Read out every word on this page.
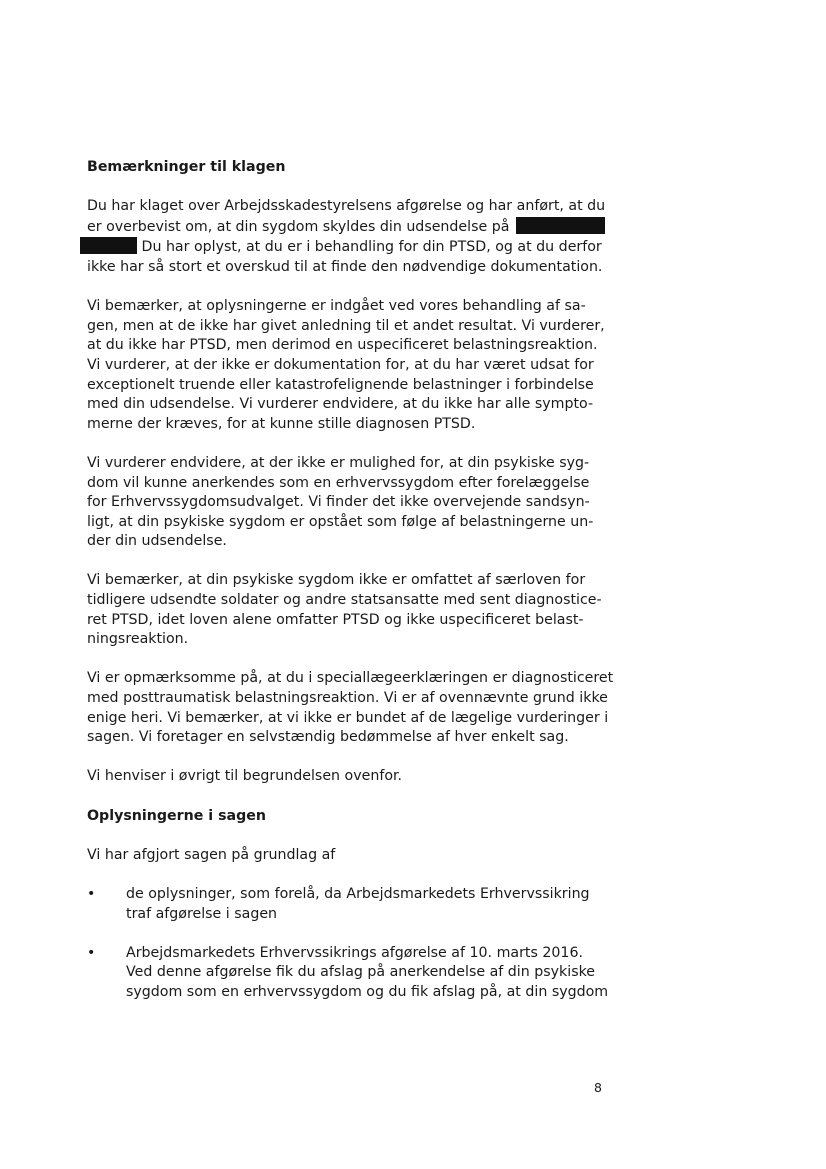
Bemærkninger til klagen

Du har klaget over Arbejdsskadestyrelsens afgørelse og har anført, at du
er overbevist om, at din sygdom skyldes din udsendelse på
Du har oplyst, at du er i behandling for din PTSD, og at du derfor
ikke har så stort et overskud til at finde den nødvendige dokumentation.

Vi bemærker, at oplysningerne er indgået ved vores behandling af sa-
gen, men at de ikke har givet anledning til et andet resultat. Vi vurderer,
at du ikke har PTSD, men derimod en uspecificeret belastningsreaktion.
Vi vurderer, at der ikke er dokumentation for, at du har været udsat for
exceptionelt truende eller katastrofelignende belastninger i forbindelse
med din udsendelse. Vi vurderer endvidere, at du ikke har alle sympto-
merne der kræves, for at kunne stille diagnosen PTSD.

Vi vurderer endvidere, at der ikke er mulighed for, at din psykiske syg-
dom vil kunne anerkendes som en erhvervssygdom efter forelæggelse
for Erhvervssygdomsudvalget. Vi finder det ikke overvejende sandsyn-
ligt, at din psykiske sygdom er opstået som følge af belastningerne un-
der din udsendelse.

Vi bemærker, at din psykiske sygdom ikke er omfattet af særloven for
tidligere udsendte soldater og andre statsansatte med sent diagnostice-
ret PTSD, idet loven alene omfatter PTSD og ikke uspecificeret belast-
ningsreaktion.

Vi er opmærksomme på, at du i speciallægeerklæringen er diagnosticeret
med posttraumatisk belastningsreaktion. Vi er af ovennævnte grund ikke
enige heri. Vi bemærker, at vi ikke er bundet af de lægelige vurderinger i
sagen. Vi foretager en selvstændig bedømmelse af hver enkelt sag.

Vi henviser i øvrigt til begrundelsen ovenfor.

Oplysningerne i sagen

Vi har afgjort sagen på grundlag af

• de oplysninger, som forelå, da Arbejdsmarkedets Erhvervssikring
traf afgørelse i sagen
• Arbejdsmarkedets Erhvervssikrings afgørelse af 10. marts 2016.
Ved denne afgørelse fik du afslag på anerkendelse af din psykiske
sygdom som en erhvervssygdom og du fik afslag på, at din sygdom
8
